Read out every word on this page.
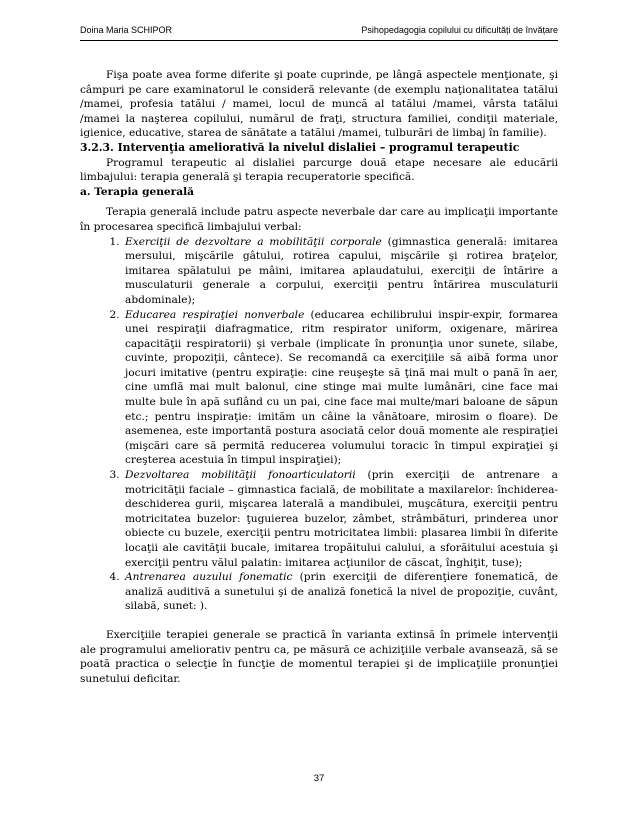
Doina Maria SCHIPOR	Psihopedagogia copilului cu dificultăți de învățare

Fişa poate avea forme diferite şi poate cuprinde, pe lângă aspectele menţionate, şi câmpuri pe care examinatorul le consideră relevante (de exemplu naţionalitatea tatălui /mamei, profesia tatălui / mamei, locul de muncă al tatălui /mamei, vârsta tatălui /mamei la naşterea copilului, numărul de fraţi, structura familiei, condiţii materiale, igienice, educative, starea de sănătate a tatălui /mamei, tulburări de limbaj în familie).

3.2.3. Intervenţia ameliorativă la nivelul dislaliei – programul terapeutic

Programul terapeutic al dislaliei parcurge două etape necesare ale educării limbajului: terapia generală şi terapia recuperatorie specifică.

a. Terapia generală

Terapia generală include patru aspecte neverbale dar care au implicaţii importante în procesarea specifică limbajului verbal:

1. Exerciţii de dezvoltare a mobilităţii corporale (gimnastica generală: imitarea mersului, mişcările gâtului, rotirea capului, mişcările şi rotirea braţelor, imitarea spălatului pe mâini, imitarea aplaudatului, exerciţii de întărire a musculaturii generale a corpului, exerciţii pentru întărirea musculaturii abdominale);
2. Educarea respiraţiei nonverbale (educarea echilibrului inspir-expir, formarea unei respiraţii diafragmatice, ritm respirator uniform, oxigenare, mărirea capacităţii respiratorii) şi verbale (implicate în pronunţia unor sunete, silabe, cuvinte, propoziţii, cântece). Se recomandă ca exerciţiile să aibă forma unor jocuri imitative (pentru expiraţie: cine reuşeşte să ţină mai mult o pană în aer, cine umflă mai mult balonul, cine stinge mai multe lumânări, cine face mai multe bule în apă suflând cu un pai, cine face mai multe/mari baloane de săpun etc.; pentru inspiraţie: imităm un câine la vânătoare, mirosim o floare). De asemenea, este importantă postura asociată celor două momente ale respiraţiei (mişcări care să permită reducerea volumului toracic în timpul expiraţiei şi creşterea acestuia în timpul inspiraţiei);
3. Dezvoltarea mobilităţii fonoarticulatorii (prin exerciţii de antrenare a motricităţii faciale – gimnastica facială, de mobilitate a maxilarelor: închiderea-deschiderea gurii, mişcarea laterală a mandibulei, muşcătura, exerciţii pentru motricitatea buzelor: ţuguierea buzelor, zâmbet, strâmbături, prinderea unor obiecte cu buzele, exerciţii pentru motricitatea limbii: plasarea limbii în diferite locaţii ale cavităţii bucale, imitarea tropăitului calului, a sforăitului acestuia şi exerciţii pentru vălul palatin: imitarea acţiunilor de căscat, înghiţit, tuse);
4. Antrenarea auzului fonematic (prin exerciţii de diferenţiere fonematică, de analiză auditivă a sunetului şi de analiză fonetică la nivel de propoziţie, cuvânt, silabă, sunet: ).

Exerciţiile terapiei generale se practică în varianta extinsă în primele intervenţii ale programului ameliorativ pentru ca, pe măsură ce achiziţiile verbale avansează, să se poată practica o selecţie în funcţie de momentul terapiei şi de implicaţiile pronunţiei sunetului deficitar.

37
